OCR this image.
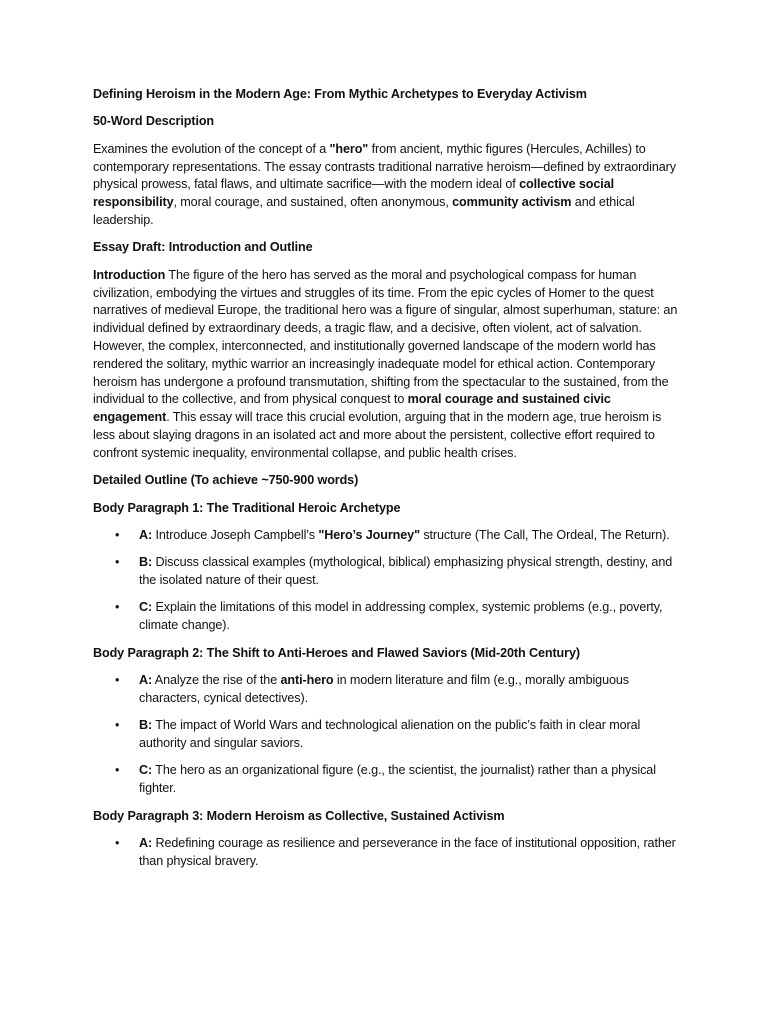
Defining Heroism in the Modern Age: From Mythic Archetypes to Everyday Activism

50-Word Description

Examines the evolution of the concept of a "hero" from ancient, mythic figures (Hercules, Achilles) to contemporary representations. The essay contrasts traditional narrative heroism—defined by extraordinary physical prowess, fatal flaws, and ultimate sacrifice—with the modern ideal of collective social responsibility, moral courage, and sustained, often anonymous, community activism and ethical leadership.

Essay Draft: Introduction and Outline

Introduction The figure of the hero has served as the moral and psychological compass for human civilization, embodying the virtues and struggles of its time. From the epic cycles of Homer to the quest narratives of medieval Europe, the traditional hero was a figure of singular, almost superhuman, stature: an individual defined by extraordinary deeds, a tragic flaw, and a decisive, often violent, act of salvation. However, the complex, interconnected, and institutionally governed landscape of the modern world has rendered the solitary, mythic warrior an increasingly inadequate model for ethical action. Contemporary heroism has undergone a profound transmutation, shifting from the spectacular to the sustained, from the individual to the collective, and from physical conquest to moral courage and sustained civic engagement. This essay will trace this crucial evolution, arguing that in the modern age, true heroism is less about slaying dragons in an isolated act and more about the persistent, collective effort required to confront systemic inequality, environmental collapse, and public health crises.

Detailed Outline (To achieve ~750-900 words)

Body Paragraph 1: The Traditional Heroic Archetype

• A: Introduce Joseph Campbell’s "Hero’s Journey" structure (The Call, The Ordeal, The Return).
• B: Discuss classical examples (mythological, biblical) emphasizing physical strength, destiny, and the isolated nature of their quest.
• C: Explain the limitations of this model in addressing complex, systemic problems (e.g., poverty, climate change).

Body Paragraph 2: The Shift to Anti-Heroes and Flawed Saviors (Mid-20th Century)

• A: Analyze the rise of the anti-hero in modern literature and film (e.g., morally ambiguous characters, cynical detectives).
• B: The impact of World Wars and technological alienation on the public’s faith in clear moral authority and singular saviors.
• C: The hero as an organizational figure (e.g., the scientist, the journalist) rather than a physical fighter.

Body Paragraph 3: Modern Heroism as Collective, Sustained Activism

• A: Redefining courage as resilience and perseverance in the face of institutional opposition, rather than physical bravery.
